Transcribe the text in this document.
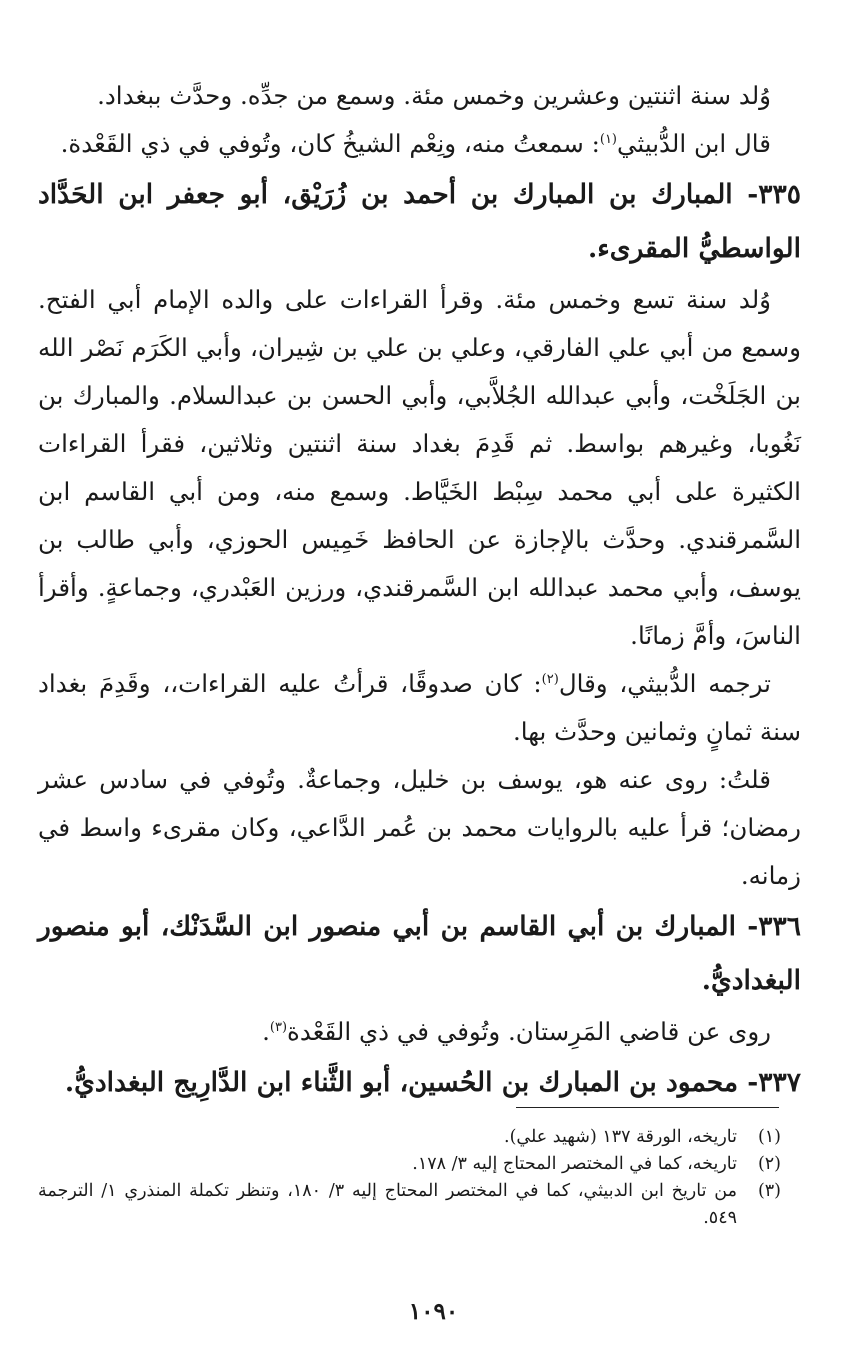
وُلد سنة اثنتين وعشرين وخمس مئة. وسمع من جدِّه. وحدَّث ببغداد.

قال ابن الدُّبيثي$^{(١)}$: سمعتُ منه، ونِعْم الشيخُ كان، وتُوفي في ذي القَعْدة.

٣٣٥- المبارك بن المبارك بن أحمد بن زُرَيْق، أبو جعفر ابن الحَدَّاد الواسطيُّ المقرىء.

وُلد سنة تسع وخمس مئة. وقرأ القراءات على والده الإمام أبي الفتح. وسمع من أبي علي الفارقي، وعلي بن علي بن شِيران، وأبي الكَرَم نَصْر الله بن الجَلَخْت، وأبي عبدالله الجُلاَّبي، وأبي الحسن بن عبدالسلام. والمبارك بن نَغُوبا، وغيرهم بواسط. ثم قَدِمَ بغداد سنة اثنتين وثلاثين، فقرأ القراءات الكثيرة على أبي محمد سِبْط الخَيَّاط. وسمع منه، ومن أبي القاسم ابن السَّمرقندي. وحدَّث بالإجازة عن الحافظ خَمِيس الحوزي، وأبي طالب بن يوسف، وأبي محمد عبدالله ابن السَّمرقندي، ورزين العَبْدري، وجماعةٍ. وأقرأ الناسَ، وأمَّ زمانًا.

ترجمه الدُّبيثي، وقال$^{(٢)}$: كان صدوقًا، قرأتُ عليه القراءات،، وقَدِمَ بغداد سنة ثمانٍ وثمانين وحدَّث بها.

قلتُ: روى عنه هو، يوسف بن خليل، وجماعةٌ. وتُوفي في سادس عشر رمضان؛ قرأ عليه بالروايات محمد بن عُمر الدَّاعي، وكان مقرىء واسط في زمانه.

٣٣٦- المبارك بن أبي القاسم بن أبي منصور ابن السَّدَنْك، أبو منصور البغداديُّ.

روى عن قاضي المَرِستان. وتُوفي في ذي القَعْدة$^{(٣)}$.

٣٣٧- محمود بن المبارك بن الحُسين، أبو الثَّناء ابن الدَّارِيج البغداديُّ.

(١)
تاريخه، الورقة ١٣٧ (شهيد علي).
(٢)
تاريخه، كما في المختصر المحتاج إليه ٣/ ١٧٨.
(٣)
من تاريخ ابن الدبيثي، كما في المختصر المحتاج إليه ٣/ ١٨٠، وتنظر تكملة المنذري ١/ الترجمة ٥٤٩.
١٠٩٠
